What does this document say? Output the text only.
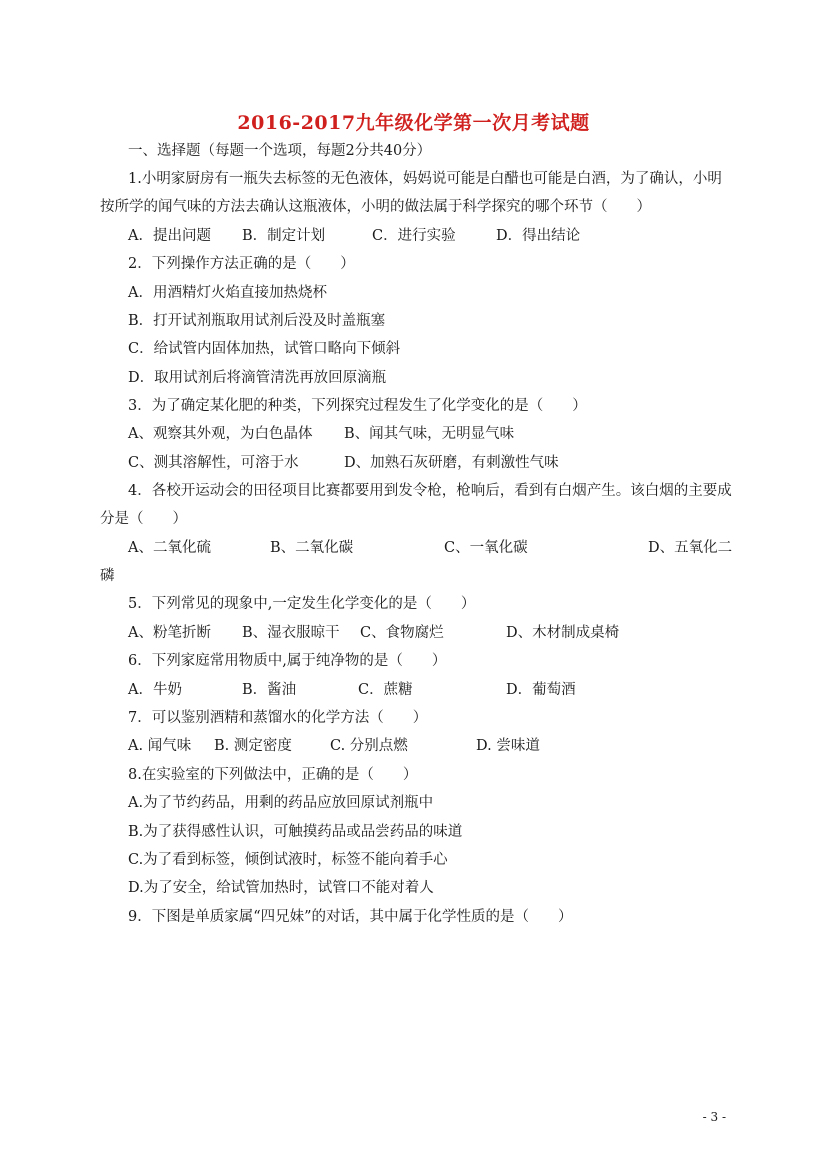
2016-2017九年级化学第一次月考试题
一、选择题（每题一个选项，每题2分共40分）
1.小明家厨房有一瓶失去标签的无色液体，妈妈说可能是白醋也可能是白酒，为了确认，小明
按所学的闻气味的方法去确认这瓶液体，小明的做法属于科学探究的哪个环节（　　）
A．提出问题 B．制定计划	C．进行实验	D．得出结论
2．下列操作方法正确的是（　　）
A．用酒精灯火焰直接加热烧杯
B．打开试剂瓶取用试剂后没及时盖瓶塞
C．给试管内固体加热，试管口略向下倾斜
D．取用试剂后将滴管清洗再放回原滴瓶
3．为了确定某化肥的种类，下列探究过程发生了化学变化的是（　　）
A、观察其外观，为白色晶体 B、闻其气味，无明显气味
C、测其溶解性，可溶于水	D、加熟石灰研磨，有刺激性气味
4．各校开运动会的田径项目比赛都要用到发令枪，枪响后，看到有白烟产生。该白烟的主要成
分是（　　）
A、二氧化硫	B、二氧化碳	C、一氧化碳	D、五氧化二
磷
5．下列常见的现象中,一定发生化学变化的是（　　）
A、粉笔折断 B、湿衣服晾干 C、食物腐烂	D、木材制成桌椅
6．下列家庭常用物质中,属于纯净物的是（　　）
A．牛奶	B．酱油	C．蔗糖	D．葡萄酒
7．可以鉴别酒精和蒸馏水的化学方法（　　）
A. 闻气味 B. 测定密度	C. 分别点燃	D. 尝味道
8.在实验室的下列做法中，正确的是（　　）
A.为了节约药品，用剩的药品应放回原试剂瓶中
B.为了获得感性认识，可触摸药品或品尝药品的味道
C.为了看到标签，倾倒试液时，标签不能向着手心
D.为了安全，给试管加热时，试管口不能对着人
9．下图是单质家属“四兄妹”的对话，其中属于化学性质的是（　　）
- 3 -
